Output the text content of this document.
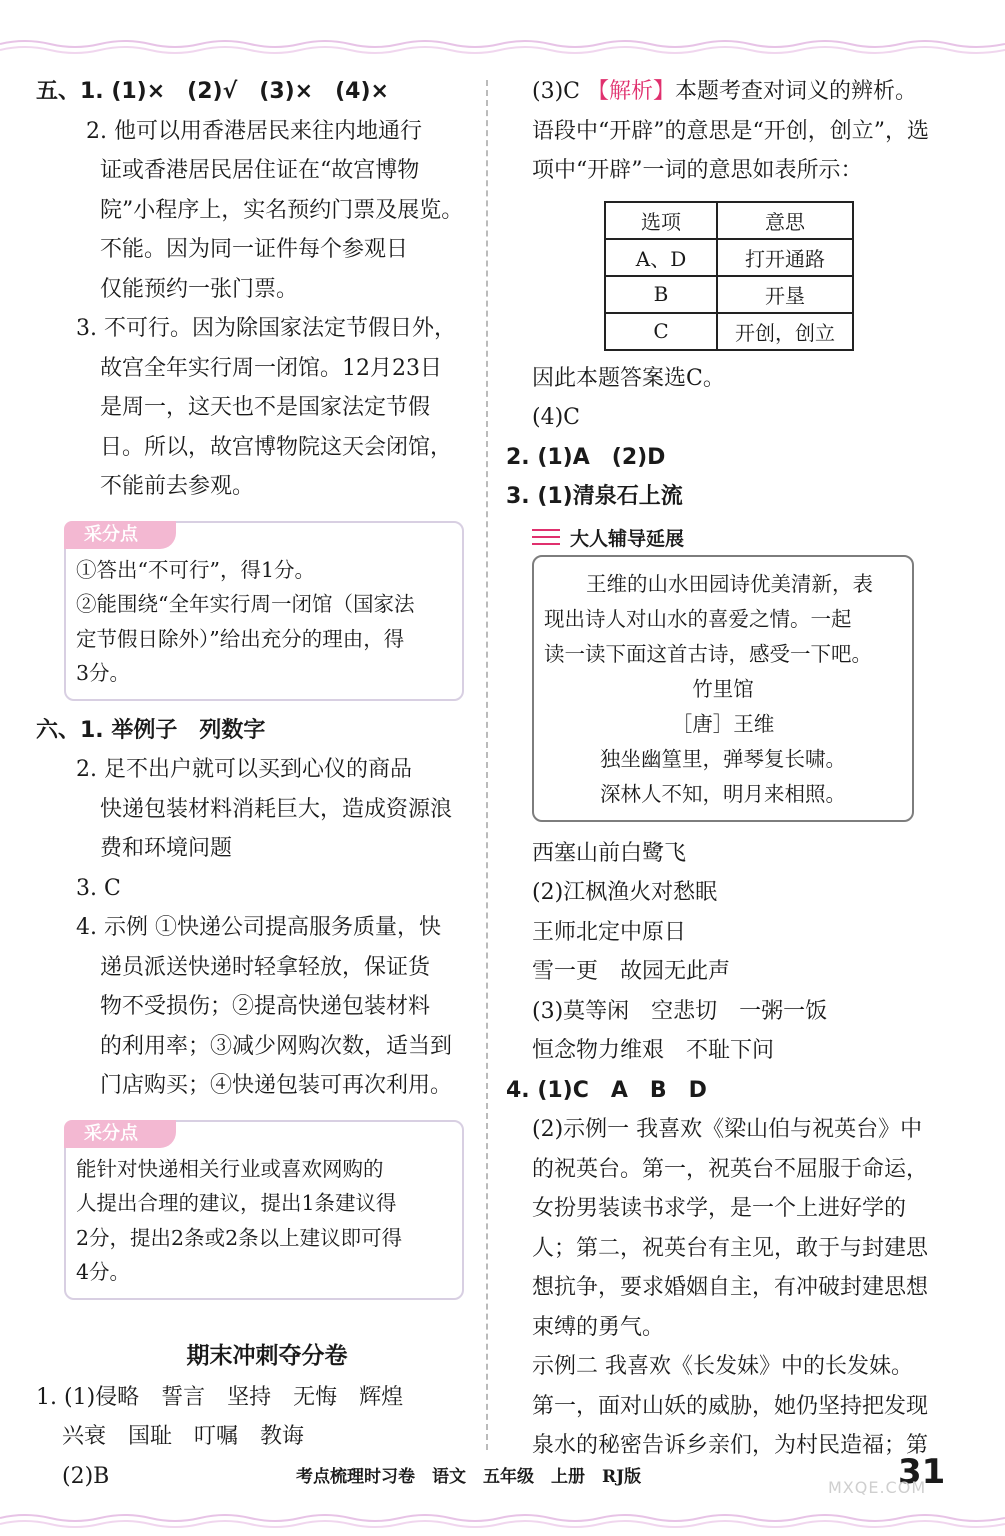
五、1. (1)×　(2)√　(3)×　(4)×
2. 他可以用香港居民来往内地通行
证或香港居民居住证在“故宫博物
院”小程序上，实名预约门票及展览。
不能。因为同一证件每个参观日
仅能预约一张门票。
3. 不可行。因为除国家法定节假日外，
故宫全年实行周一闭馆。12月23日
是周一，这天也不是国家法定节假
日。所以，故宫博物院这天会闭馆，
不能前去参观。
采分点
①答出“不可行”，得1分。
②能围绕“全年实行周一闭馆（国家法
定节假日除外）”给出充分的理由，得
3分。
六、1. 举例子　列数字
2. 足不出户就可以买到心仪的商品
快递包装材料消耗巨大，造成资源浪
费和环境问题
3. C
4. 示例 ①快递公司提高服务质量，快
递员派送快递时轻拿轻放，保证货
物不受损伤；②提高快递包装材料
的利用率；③减少网购次数，适当到
门店购买；④快递包装可再次利用。
采分点
能针对快递相关行业或喜欢网购的
人提出合理的建议，提出1条建议得
2分，提出2条或2条以上建议即可得
4分。
期末冲刺夺分卷
1. (1)侵略　誓言　坚持　无悔　辉煌
兴衰　国耻　叮嘱　教诲
(2)B
(3)C 【解析】本题考查对词义的辨析。
语段中“开辟”的意思是“开创，创立”，选
项中“开辟”一词的意思如表所示：
选项	意思
A、D	打开通路
B	开垦
C	开创，创立
因此本题答案选C。
(4)C
2. (1)A　(2)D
3. (1)清泉石上流
大人辅导延展
王维的山水田园诗优美清新，表
现出诗人对山水的喜爱之情。一起
读一读下面这首古诗，感受一下吧。
竹里馆
［唐］王维
独坐幽篁里，弹琴复长啸。
深林人不知，明月来相照。
西塞山前白鹭飞
(2)江枫渔火对愁眠
王师北定中原日
雪一更　故园无此声
(3)莫等闲　空悲切　一粥一饭
恒念物力维艰　不耻下问
4. (1)C　A　B　D
(2)示例一 我喜欢《梁山伯与祝英台》中
的祝英台。第一，祝英台不屈服于命运，
女扮男装读书求学，是一个上进好学的
人；第二，祝英台有主见，敢于与封建思
想抗争，要求婚姻自主，有冲破封建思想
束缚的勇气。
示例二 我喜欢《长发妹》中的长发妹。
第一，面对山妖的威胁，她仍坚持把发现
泉水的秘密告诉乡亲们，为村民造福；第
考点梳理时习卷　语文　五年级　上册　RJ版	31
MXQE.COM
